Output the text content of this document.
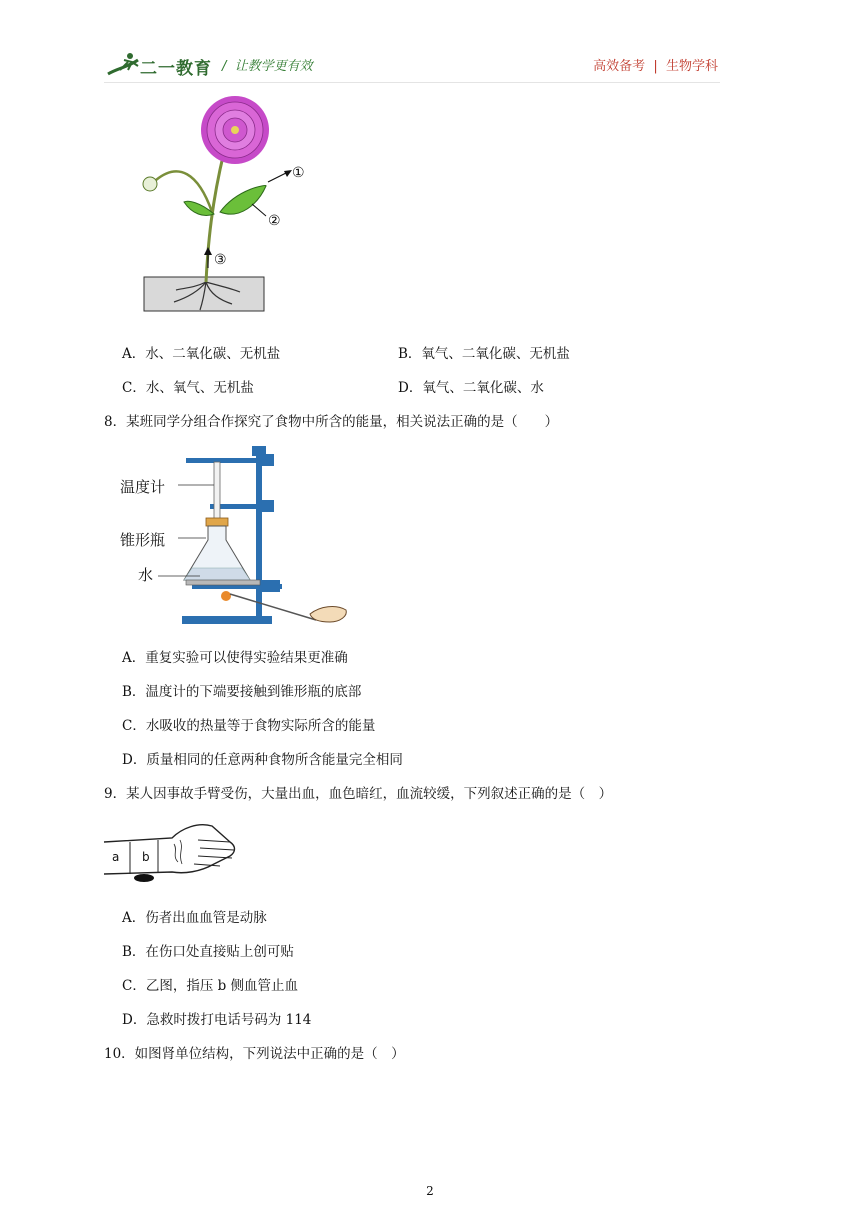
二一教育 /  让教学更有效	高效备考  |  生物学科
①
②
③
A．水、二氧化碳、无机盐	B．氧气、二氧化碳、无机盐
C．水、氧气、无机盐	D．氧气、二氧化碳、水
8．某班同学分组合作探究了食物中所含的能量，相关说法正确的是（　　）
温度计
锥形瓶
水
A．重复实验可以使得实验结果更准确
B．温度计的下端要接触到锥形瓶的底部
C．水吸收的热量等于食物实际所含的能量
D．质量相同的任意两种食物所含能量完全相同
9．某人因事故手臂受伤，大量出血，血色暗红，血流较缓，下列叙述正确的是（　）
a b
A．伤者出血血管是动脉
B．在伤口处直接贴上创可贴
C．乙图，指压 b 侧血管止血
D．急救时拨打电话号码为 114
10．如图肾单位结构，下列说法中正确的是（　）
2
